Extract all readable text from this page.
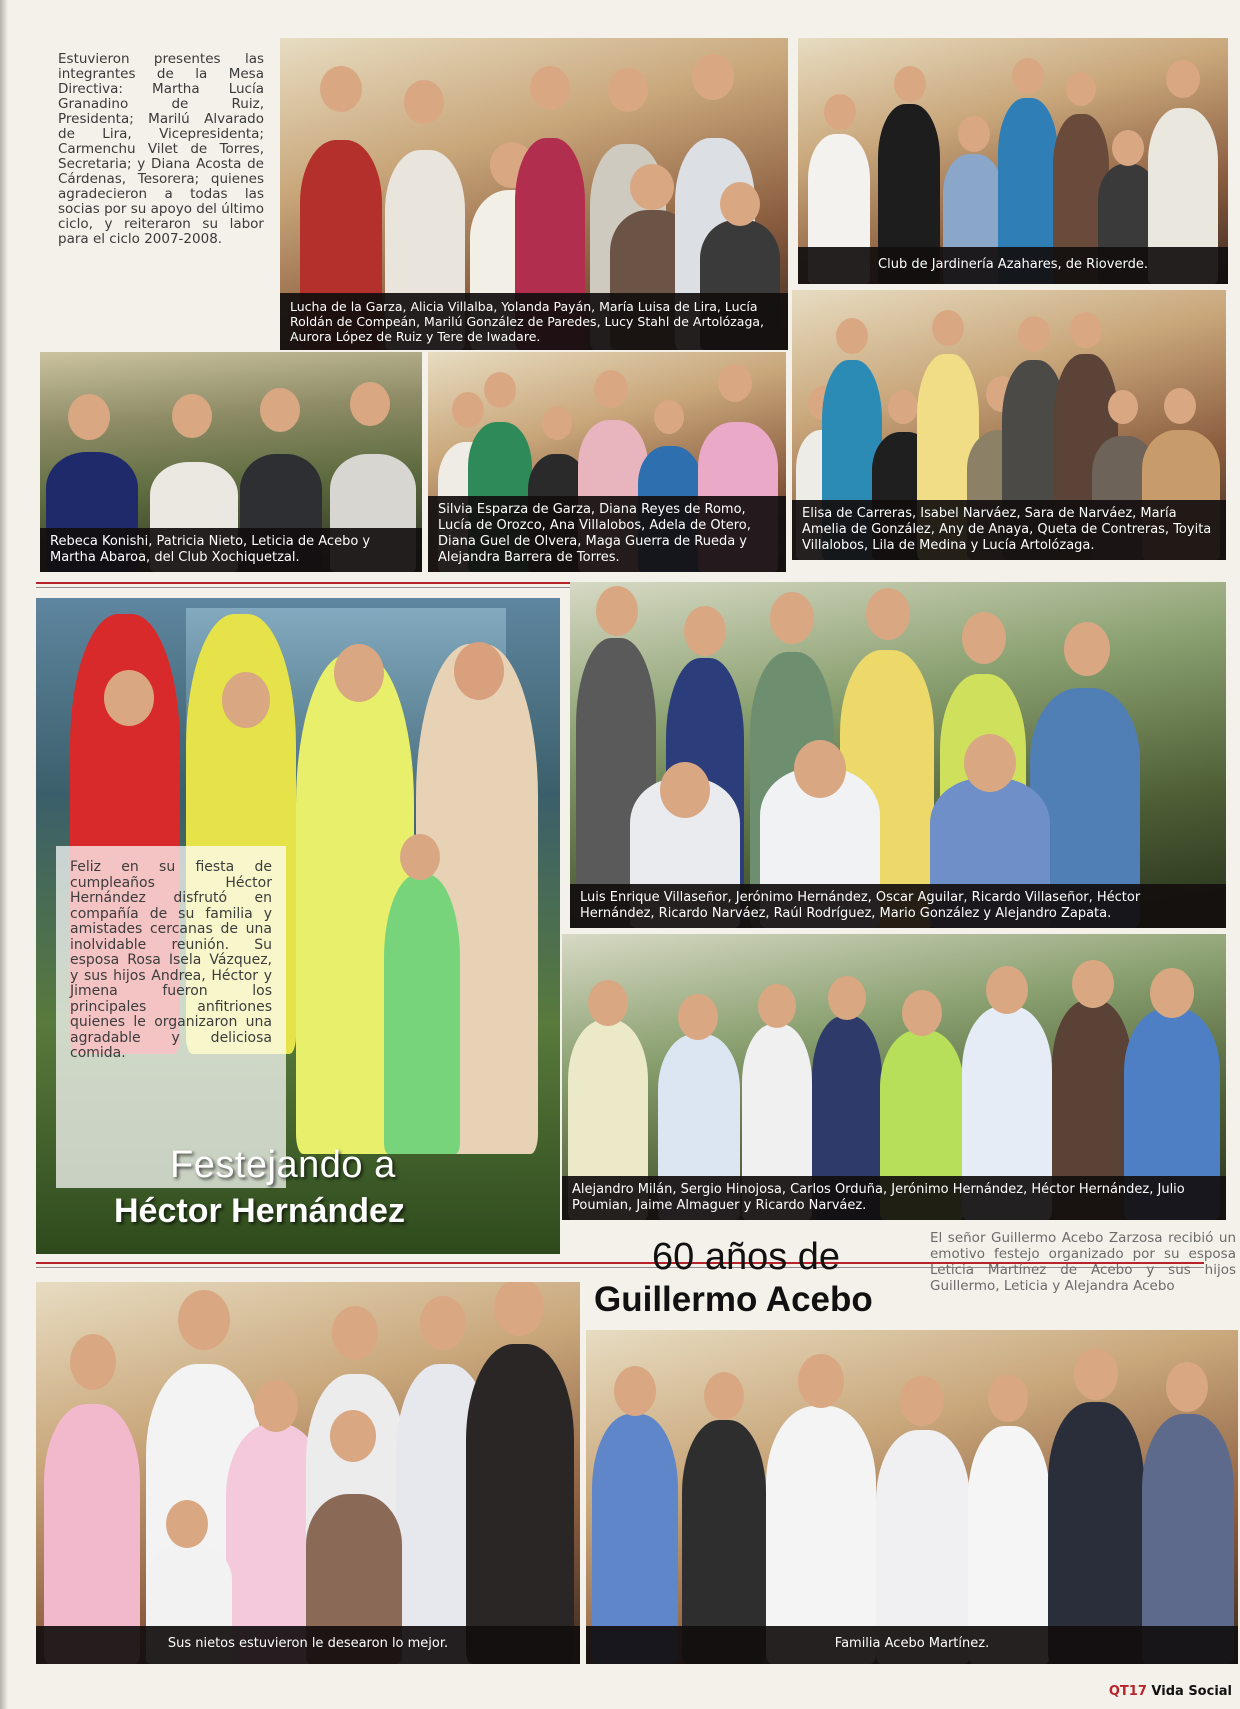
Estuvieron presentes las integrantes de la Mesa Directiva: Martha Lucía Granadino de Ruiz, Presidenta; Marilú Alvarado de Lira, Vicepresidenta; Carmenchu Vilet de Torres, Secretaria; y Diana Acosta de Cárdenas, Tesorera; quienes agradecieron a todas las socias por su apoyo del último ciclo, y reiteraron su labor para el ciclo 2007-2008.
Lucha de la Garza, Alicia Villalba, Yolanda Payán, María Luisa de Lira, Lucía Roldán de Compeán, Marilú González de Paredes, Lucy Stahl de Artolózaga, Aurora López de Ruiz y Tere de Iwadare.
Club de Jardinería Azahares, de Rioverde.
Rebeca Konishi, Patricia Nieto, Leticia de Acebo y Martha Abaroa, del Club Xochiquetzal.
Silvia Esparza de Garza, Diana Reyes de Romo, Lucía de Orozco, Ana Villalobos, Adela de Otero, Diana Guel de Olvera, Maga Guerra de Rueda y Alejandra Barrera de Torres.
Elisa de Carreras, Isabel Narváez, Sara de Narváez, María Amelia de González, Any de Anaya, Queta de Contreras, Toyita Villalobos, Lila de Medina y Lucía Artolózaga.
Feliz en su fiesta de cumpleaños Héctor Hernández disfrutó en compañía de su familia y amistades cercanas de una inolvidable reunión. Su esposa Rosa Isela Vázquez, y sus hijos Andrea, Héctor y Jimena fueron los principales anfitriones quienes le organizaron una agradable y deliciosa comida.
Festejando a
Héctor Hernández
Luis Enrique Villaseñor, Jerónimo Hernández, Oscar Aguilar, Ricardo Villaseñor, Héctor Hernández, Ricardo Narváez, Raúl Rodríguez, Mario González y Alejandro Zapata.
Alejandro Milán, Sergio Hinojosa, Carlos Orduña, Jerónimo Hernández, Héctor Hernández, Julio Poumian, Jaime Almaguer y Ricardo Narváez.
60 años de
Guillermo Acebo
El señor Guillermo Acebo Zarzosa recibió un emotivo festejo organizado por su esposa Leticia Martínez de Acebo y sus hijos Guillermo, Leticia y Alejandra Acebo
Sus nietos estuvieron le desearon lo mejor.	Familia Acebo Martínez.
QT17 Vida Social
